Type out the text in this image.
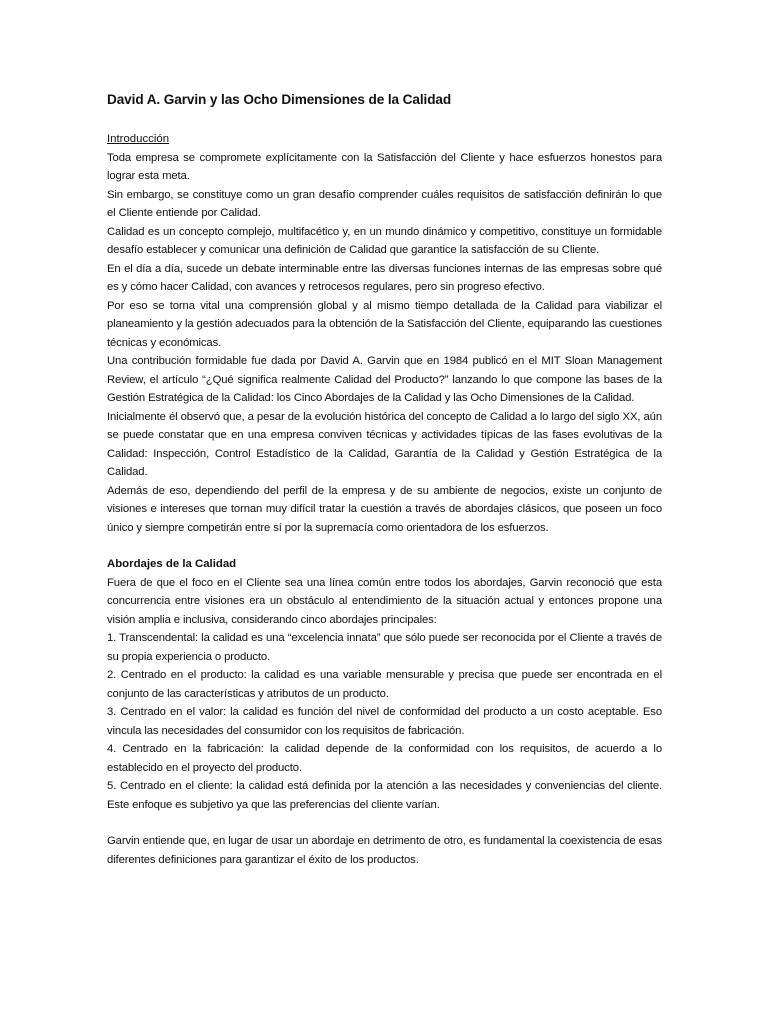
David A. Garvin y las Ocho Dimensiones de la Calidad
Introducción

Toda empresa se compromete explícitamente con la Satisfacción del Cliente y hace esfuerzos honestos para lograr esta meta.

Sin embargo, se constituye como un gran desafío comprender cuáles requisitos de satisfacción definirán lo que el Cliente entiende por Calidad.

Calidad es un concepto complejo, multifacético y, en un mundo dinámico y competitivo, constituye un formidable desafío establecer y comunicar una definición de Calidad que garantice la satisfacción de su Cliente.

En el día a día, sucede un debate interminable entre las diversas funciones internas de las empresas sobre qué es y cómo hacer Calidad, con avances y retrocesos regulares, pero sin progreso efectivo.

Por eso se torna vital una comprensión global y al mismo tiempo detallada de la Calidad para viabilizar el planeamiento y la gestión adecuados para la obtención de la Satisfacción del Cliente, equiparando las cuestiones técnicas y económicas.

Una contribución formidable fue dada por David A. Garvin que en 1984 publicó en el MIT Sloan Management Review, el artículo “¿Qué significa realmente Calidad del Producto?” lanzando lo que compone las bases de la Gestión Estratégica de la Calidad: los Cinco Abordajes de la Calidad y las Ocho Dimensiones de la Calidad.

Inicialmente él observó que, a pesar de la evolución histórica del concepto de Calidad a lo largo del siglo XX, aún se puede constatar que en una empresa conviven técnicas y actividades típicas de las fases evolutivas de la Calidad: Inspección, Control Estadístico de la Calidad, Garantía de la Calidad y Gestión Estratégica de la Calidad.

Además de eso, dependiendo del perfil de la empresa y de su ambiente de negocios, existe un conjunto de visiones e intereses que tornan muy difícil tratar la cuestión a través de abordajes clásicos, que poseen un foco único y siempre competirán entre sí por la supremacía como orientadora de los esfuerzos.

Abordajes de la Calidad

Fuera de que el foco en el Cliente sea una línea común entre todos los abordajes, Garvin reconoció que esta concurrencia entre visiones era un obstáculo al entendimiento de la situación actual y entonces propone una visión amplia e inclusiva, considerando cinco abordajes principales:

1. Transcendental: la calidad es una “excelencia innata” que sólo puede ser reconocida por el Cliente a través de su propia experiencia o producto.
2. Centrado en el producto: la calidad es una variable mensurable y precisa que puede ser encontrada en el conjunto de las características y atributos de un producto.
3. Centrado en el valor: la calidad es función del nivel de conformidad del producto a un costo aceptable. Eso vincula las necesidades del consumidor con los requisitos de fabricación.
4. Centrado en la fabricación: la calidad depende de la conformidad con los requisitos, de acuerdo a lo establecido en el proyecto del producto.
5. Centrado en el cliente: la calidad está definida por la atención a las necesidades y conveniencias del cliente. Este enfoque es subjetivo ya que las preferencias del cliente varían.

Garvin entiende que, en lugar de usar un abordaje en detrimento de otro, es fundamental la coexistencia de esas diferentes definiciones para garantizar el éxito de los productos.
